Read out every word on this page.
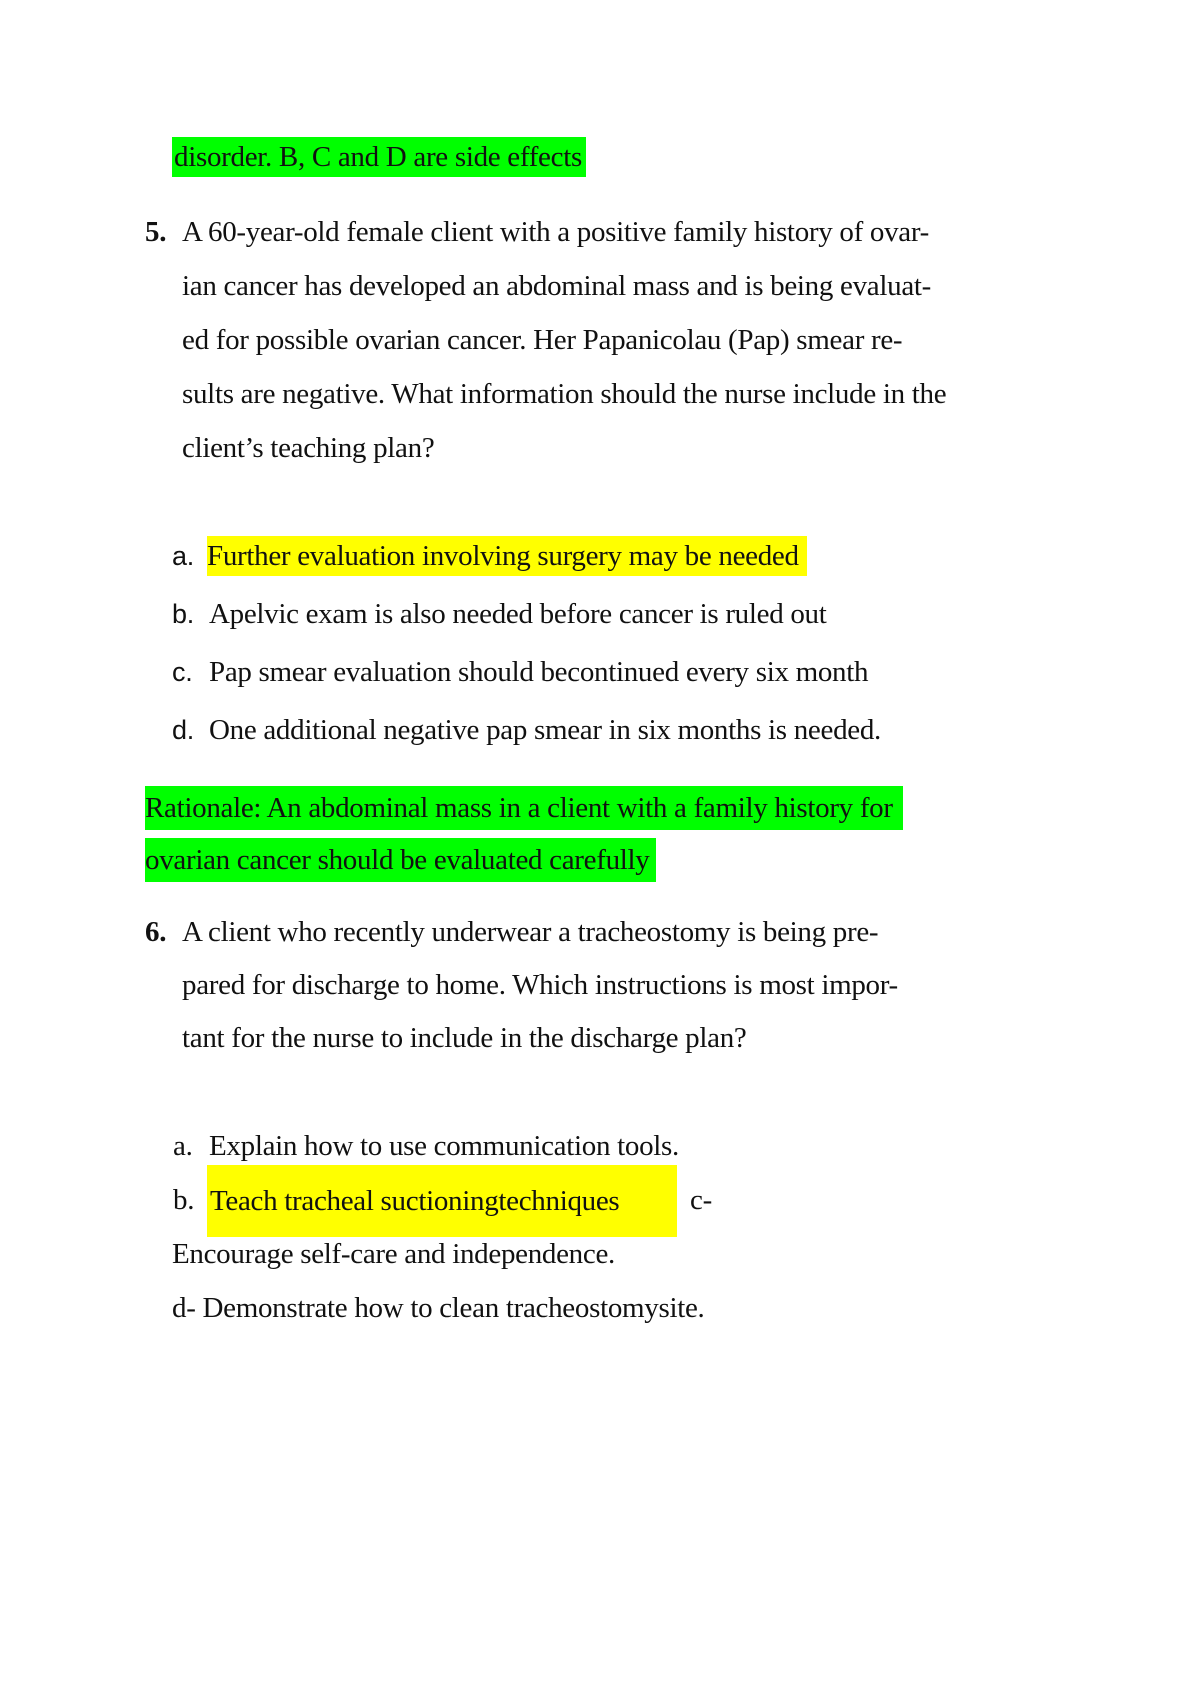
disorder. B, C and D are side effects
5. A 60-year-old female client with a positive family history of ovar-
ian cancer has developed an abdominal mass and is being evaluat-
ed for possible ovarian cancer. Her Papanicolau (Pap) smear re-
sults are negative. What information should the nurse include in the
client’s teaching plan?
a. Further evaluation involving surgery may be needed
b. Apelvic exam is also needed before cancer is ruled out
c. Pap smear evaluation should becontinued every six month
d. One additional negative pap smear in six months is needed.
Rationale: An abdominal mass in a client with a family history for
ovarian cancer should be evaluated carefully
6. A client who recently underwear a tracheostomy is being pre-
pared for discharge to home. Which instructions is most impor-
tant for the nurse to include in the discharge plan?
a. Explain how to use communication tools.
b. Teach tracheal suctioningtechniques	c-
Encourage self-care and independence.
d- Demonstrate how to clean tracheostomysite.
